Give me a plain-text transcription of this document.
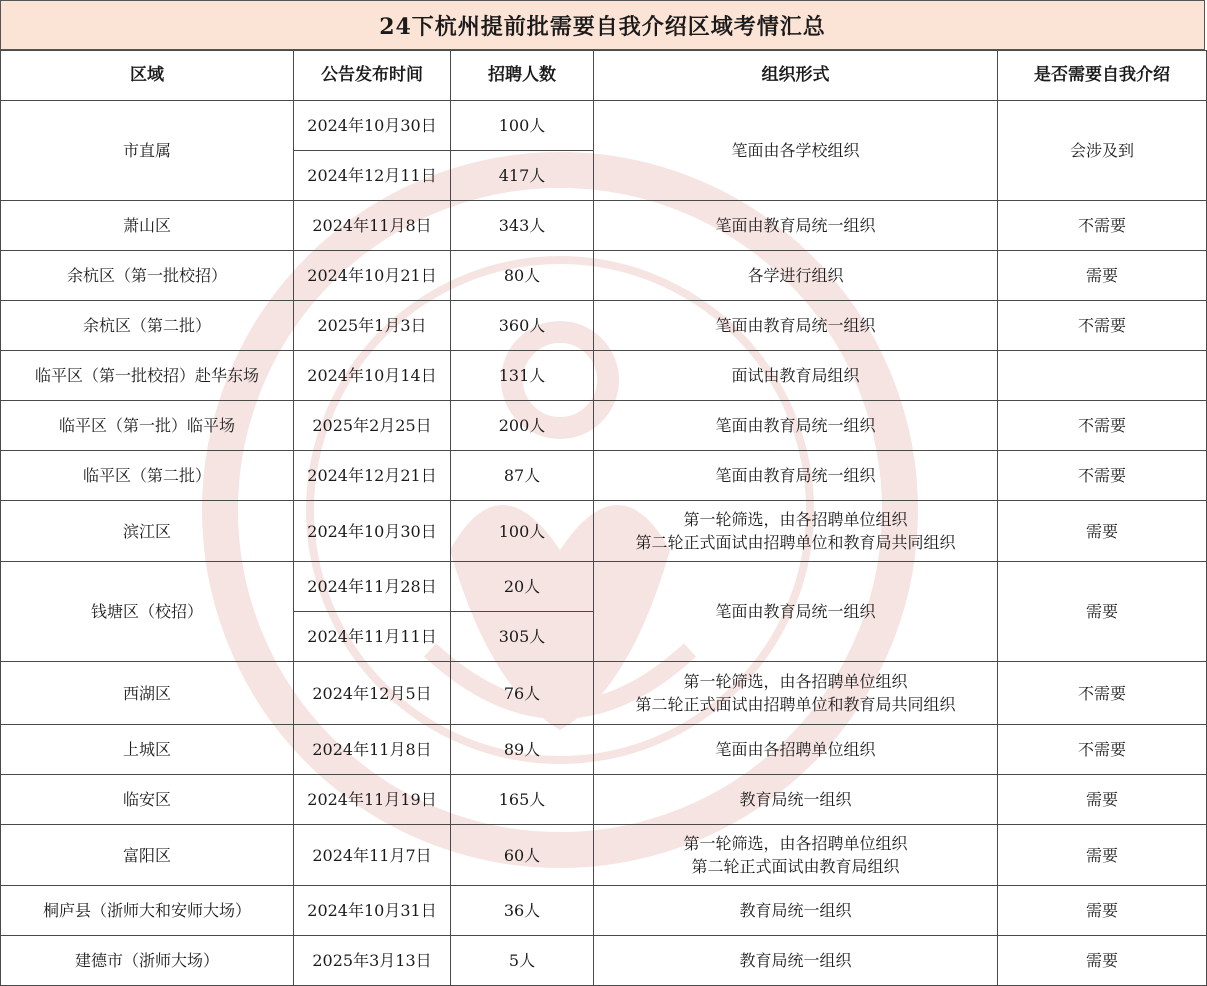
24下杭州提前批需要自我介绍区域考情汇总
区域	公告发布时间	招聘人数	组织形式	是否需要自我介绍
市直属	2024年10月30日	100人	笔面由各学校组织	会涉及到
	2024年12月11日	417人		
萧山区	2024年11月8日	343人	笔面由教育局统一组织	不需要
余杭区（第一批校招）	2024年10月21日	80人	各学进行组织	需要
余杭区（第二批）	2025年1月3日	360人	笔面由教育局统一组织	不需要
临平区（第一批校招）赴华东场	2024年10月14日	131人	面试由教育局组织	
临平区（第一批）临平场	2025年2月25日	200人	笔面由教育局统一组织	不需要
临平区（第二批）	2024年12月21日	87人	笔面由教育局统一组织	不需要
滨江区	2024年10月30日	100人	第一轮筛选，由各招聘单位组织
第二轮正式面试由招聘单位和教育局共同组织	需要
钱塘区（校招）	2024年11月28日	20人	笔面由教育局统一组织	需要
	2024年11月11日	305人		
西湖区	2024年12月5日	76人	第一轮筛选，由各招聘单位组织
第二轮正式面试由招聘单位和教育局共同组织	不需要
上城区	2024年11月8日	89人	笔面由各招聘单位组织	不需要
临安区	2024年11月19日	165人	教育局统一组织	需要
富阳区	2024年11月7日	60人	第一轮筛选，由各招聘单位组织
第二轮正式面试由教育局组织	需要
桐庐县（浙师大和安师大场）	2024年10月31日	36人	教育局统一组织	需要
建德市（浙师大场）	2025年3月13日	5人	教育局统一组织	需要
